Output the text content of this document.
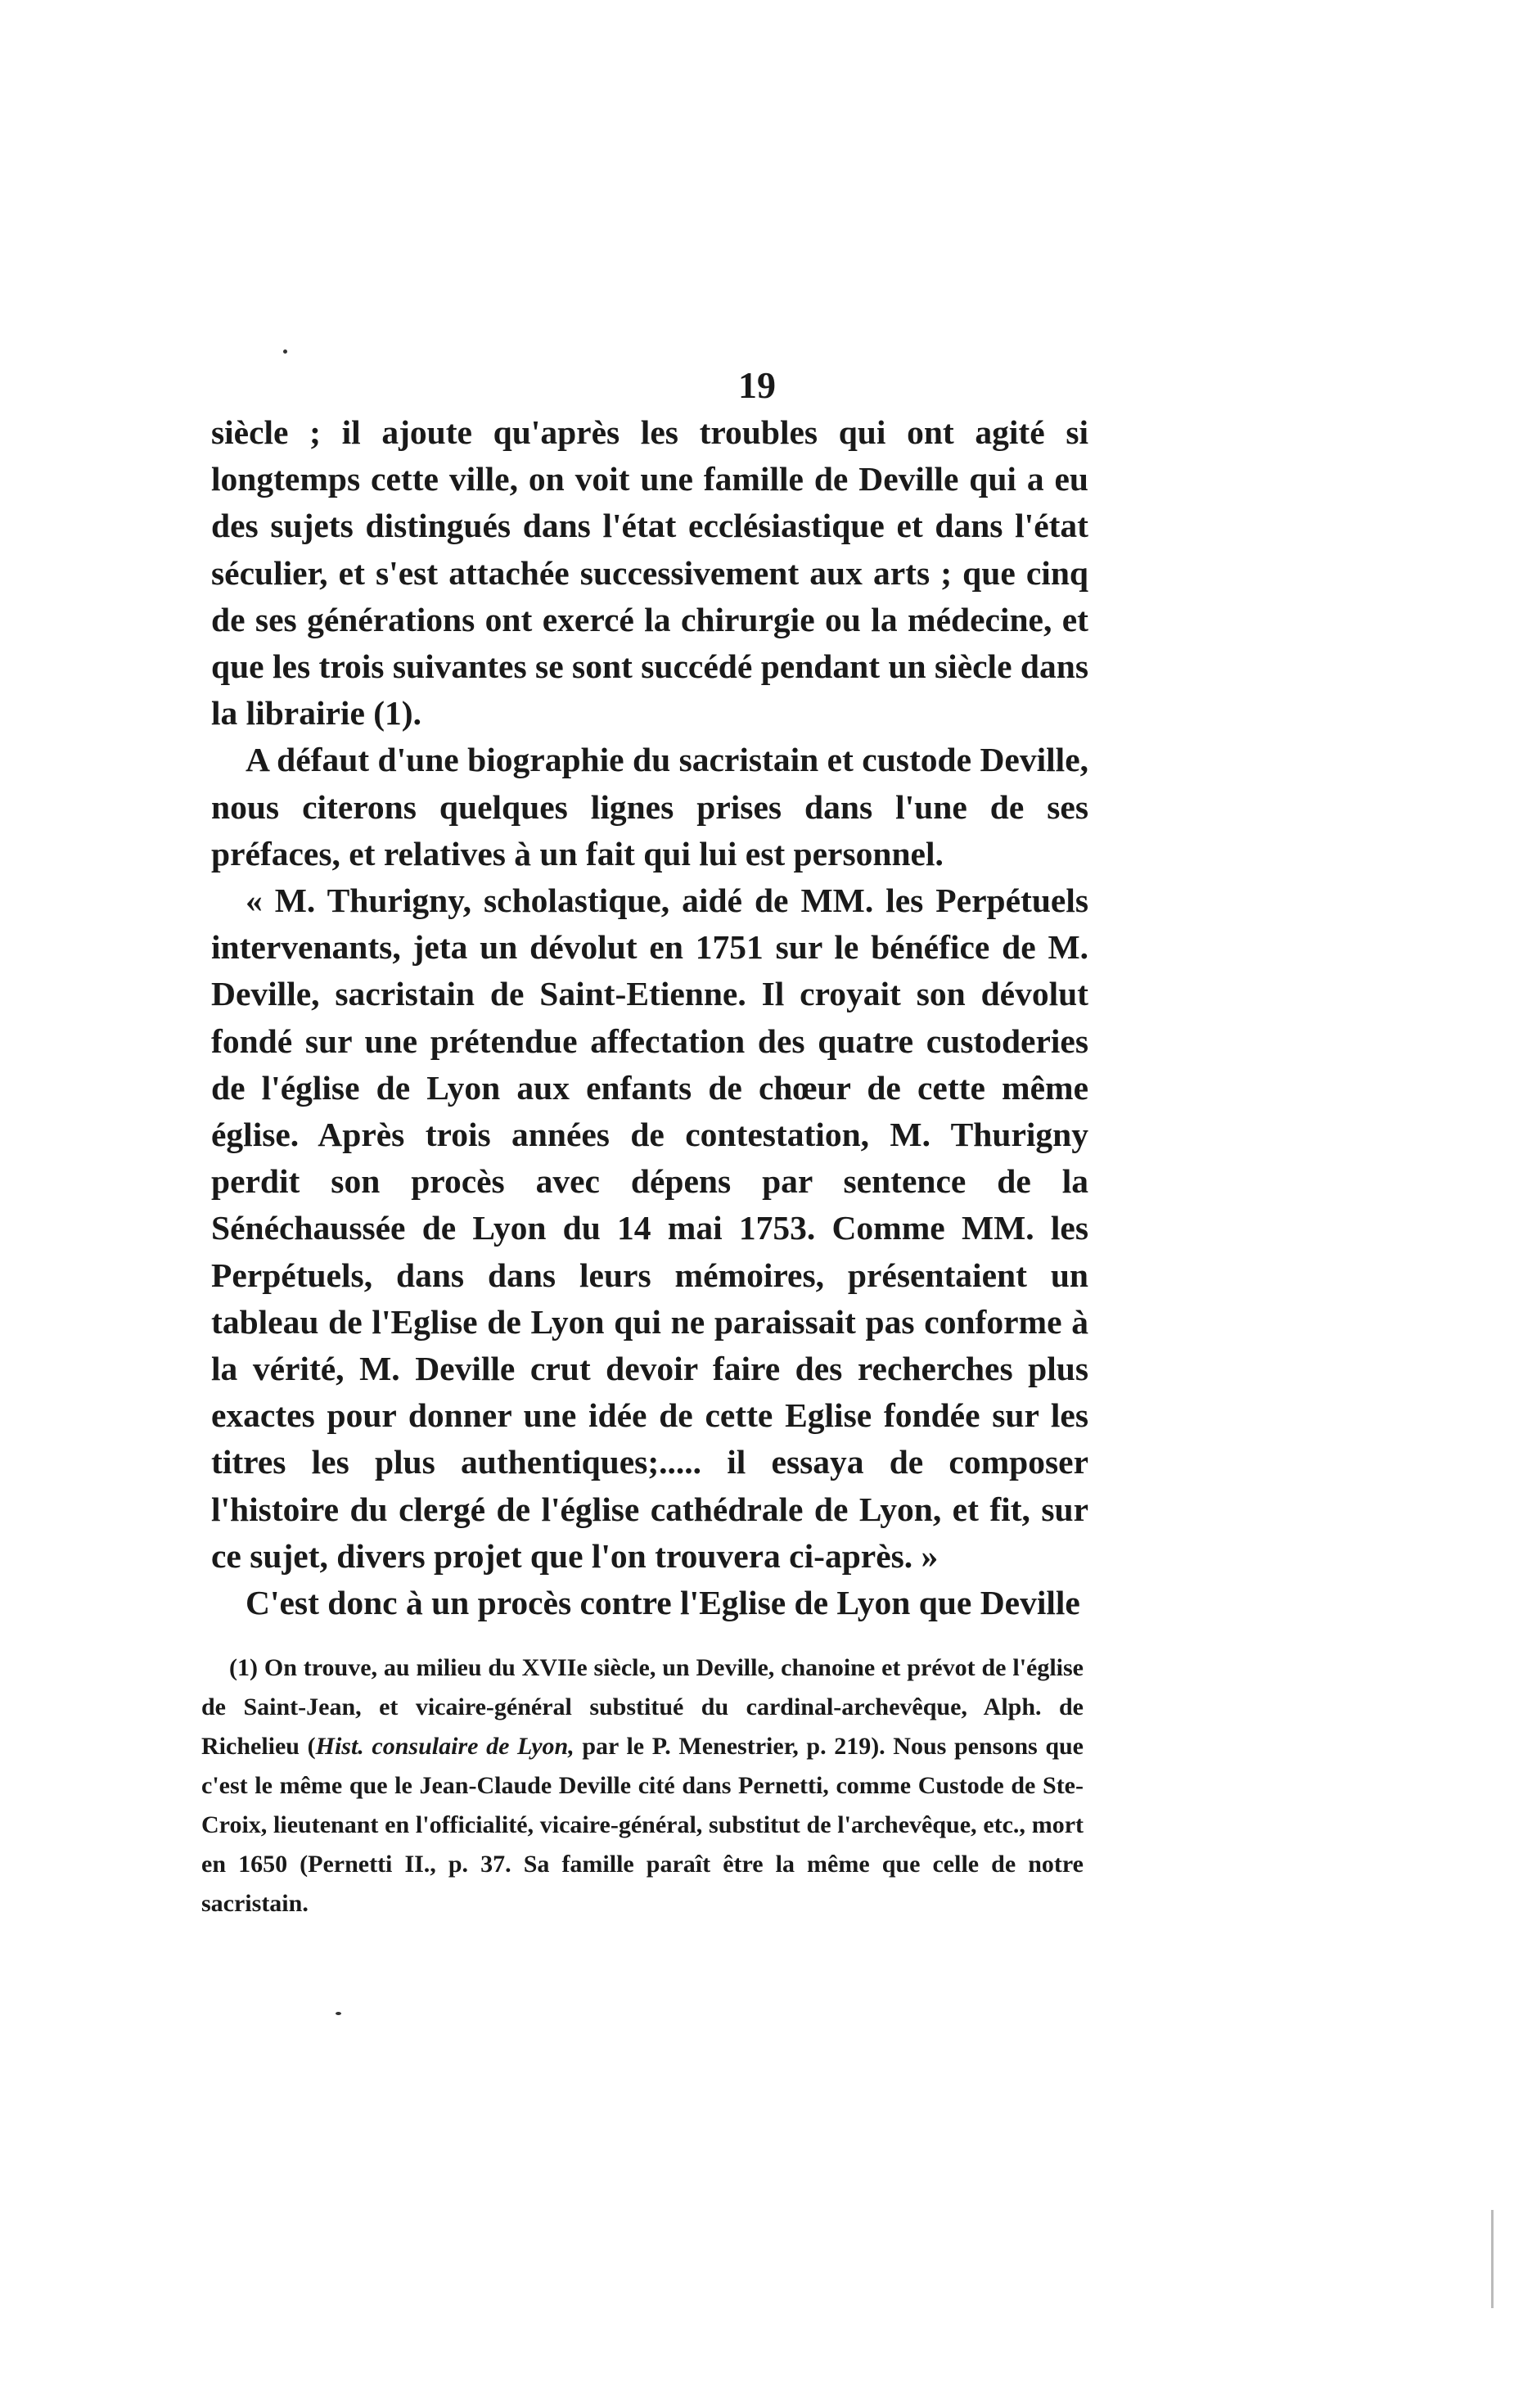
19

siècle ; il ajoute qu'après les troubles qui ont agité si longtemps cette ville, on voit une famille de Deville qui a eu des sujets distingués dans l'état ecclésiastique et dans l'état séculier, et s'est attachée successivement aux arts ; que cinq de ses générations ont exercé la chirurgie ou la médecine, et que les trois suivantes se sont succédé pendant un siècle dans la librairie (1).

A défaut d'une biographie du sacristain et custode Deville, nous citerons quelques lignes prises dans l'une de ses préfaces, et relatives à un fait qui lui est personnel.

« M. Thurigny, scholastique, aidé de MM. les Perpétuels intervenants, jeta un dévolut en 1751 sur le bénéfice de M. Deville, sacristain de Saint-Etienne. Il croyait son dévolut fondé sur une prétendue affectation des quatre custoderies de l'église de Lyon aux enfants de chœur de cette même église. Après trois années de contestation, M. Thurigny perdit son procès avec dépens par sentence de la Sénéchaussée de Lyon du 14 mai 1753. Comme MM. les Perpétuels, dans dans leurs mémoires, présentaient un tableau de l'Eglise de Lyon qui ne paraissait pas conforme à la vérité, M. Deville crut devoir faire des recherches plus exactes pour donner une idée de cette Eglise fondée sur les titres les plus authentiques;..... il essaya de composer l'histoire du clergé de l'église cathédrale de Lyon, et fit, sur ce sujet, divers projet que l'on trouvera ci-après. »

C'est donc à un procès contre l'Eglise de Lyon que Deville

(1) On trouve, au milieu du XVIIe siècle, un Deville, chanoine et prévot de l'église de Saint-Jean, et vicaire-général substitué du cardinal-archevêque, Alph. de Richelieu (Hist. consulaire de Lyon, par le P. Menestrier, p. 219). Nous pensons que c'est le même que le Jean-Claude Deville cité dans Pernetti, comme Custode de Ste-Croix, lieutenant en l'officialité, vicaire-général, substitut de l'archevêque, etc., mort en 1650 (Pernetti II., p. 37. Sa famille paraît être la même que celle de notre sacristain.
